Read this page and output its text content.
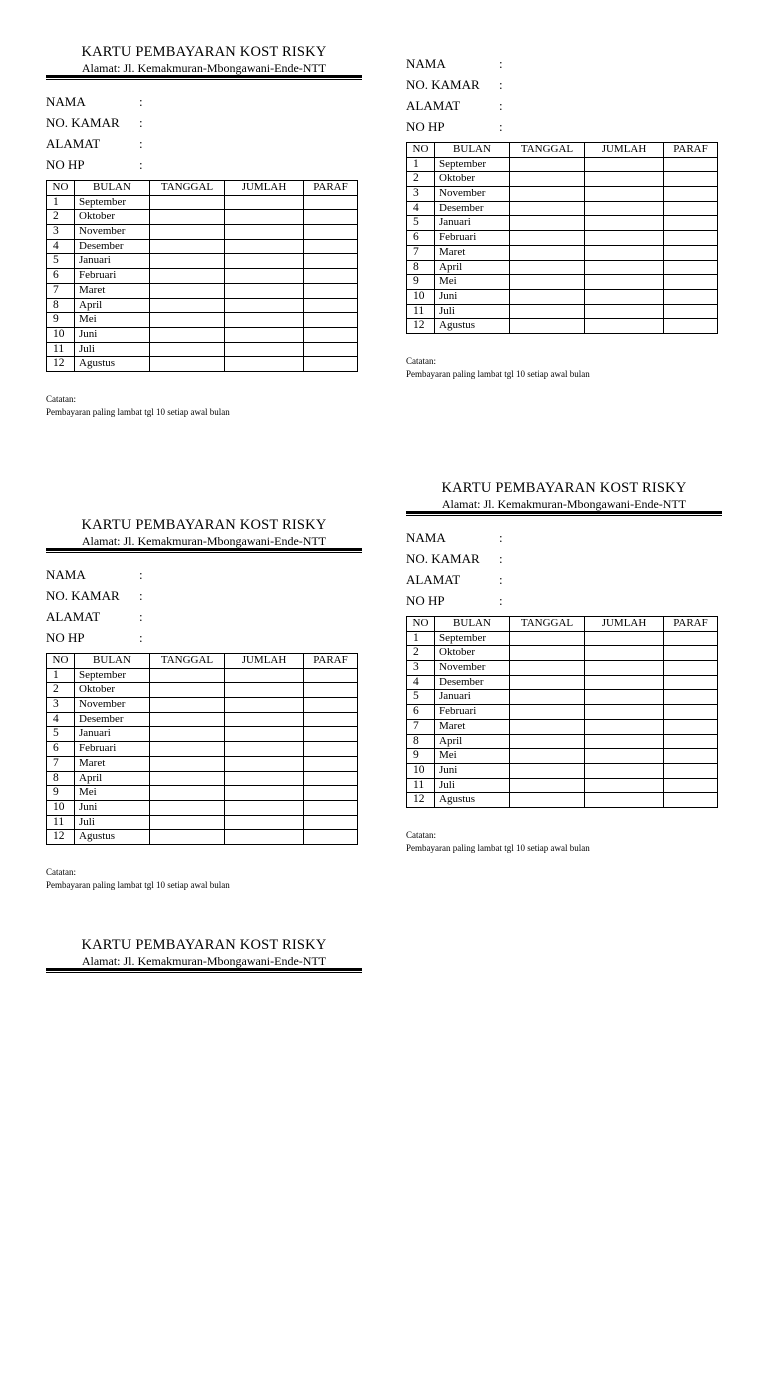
KARTU PEMBAYARAN KOST RISKY
Alamat: Jl. Kemakmuran-Mbongawani-Ende-NTT
NAMA	:
NO. KAMAR :
ALAMAT	:
NO HP	:
NO	BULAN	TANGGAL	JUMLAH	PARAF
1	September			
2	Oktober			
3	November			
4	Desember			
5	Januari			
6	Februari			
7	Maret			
8	April			
9	Mei			
10	Juni			
11	Juli			
12	Agustus			
Catatan:
Pembayaran paling lambat tgl 10 setiap awal bulan
NAMA	:
NO. KAMAR :
ALAMAT	:
NO HP	:
NO	BULAN	TANGGAL	JUMLAH	PARAF
1	September			
2	Oktober			
3	November			
4	Desember			
5	Januari			
6	Februari			
7	Maret			
8	April			
9	Mei			
10	Juni			
11	Juli			
12	Agustus			
Catatan:
Pembayaran paling lambat tgl 10 setiap awal bulan
KARTU PEMBAYARAN KOST RISKY
Alamat: Jl. Kemakmuran-Mbongawani-Ende-NTT
NAMA	:
NO. KAMAR :
ALAMAT	:
NO HP	:
NO	BULAN	TANGGAL	JUMLAH	PARAF
1	September			
2	Oktober			
3	November			
4	Desember			
5	Januari			
6	Februari			
7	Maret			
8	April			
9	Mei			
10	Juni			
11	Juli			
12	Agustus			
Catatan:
Pembayaran paling lambat tgl 10 setiap awal bulan
KARTU PEMBAYARAN KOST RISKY
Alamat: Jl. Kemakmuran-Mbongawani-Ende-NTT
NAMA	:
NO. KAMAR :
ALAMAT	:
NO HP	:
NO	BULAN	TANGGAL	JUMLAH	PARAF
1	September			
2	Oktober			
3	November			
4	Desember			
5	Januari			
6	Februari			
7	Maret			
8	April			
9	Mei			
10	Juni			
11	Juli			
12	Agustus			
Catatan:
Pembayaran paling lambat tgl 10 setiap awal bulan
KARTU PEMBAYARAN KOST RISKY
Alamat: Jl. Kemakmuran-Mbongawani-Ende-NTT
